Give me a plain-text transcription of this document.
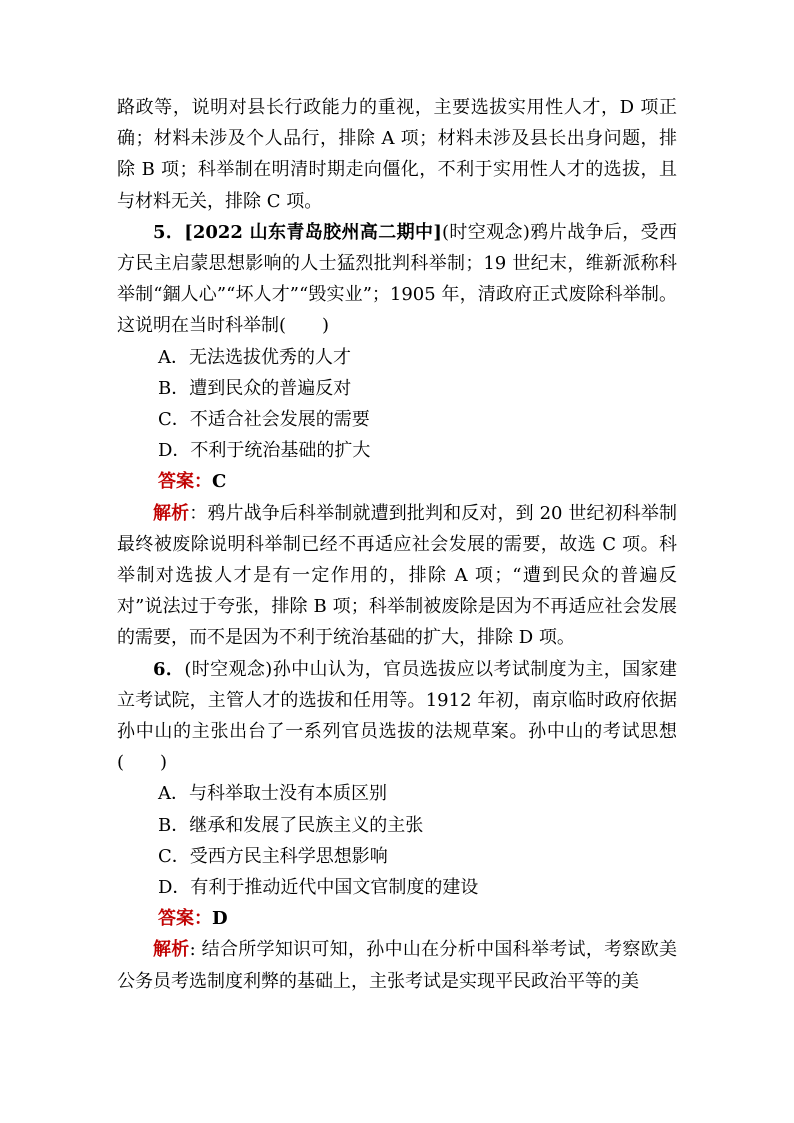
路政等，说明对县长行政能力的重视，主要选拔实用性人才，D 项正确；材料未涉及个人品行，排除 A 项；材料未涉及县长出身问题，排除 B 项；科举制在明清时期走向僵化，不利于实用性人才的选拔，且与材料无关，排除 C 项。

5．[2022 山东青岛胶州高二期中](时空观念)鸦片战争后，受西方民主启蒙思想影响的人士猛烈批判科举制；19 世纪末，维新派称科举制“錮人心”“坏人才”“毁实业”；1905 年，清政府正式废除科举制。这说明在当时科举制(　　)

A．无法选拔优秀的人才

B．遭到民众的普遍反对

C．不适合社会发展的需要

D．不利于统治基础的扩大

答案：C

解析：鸦片战争后科举制就遭到批判和反对，到 20 世纪初科举制最终被废除说明科举制已经不再适应社会发展的需要，故选 C 项。科举制对选拔人才是有一定作用的，排除 A 项；“遭到民众的普遍反对”说法过于夸张，排除 B 项；科举制被废除是因为不再适应社会发展的需要，而不是因为不利于统治基础的扩大，排除 D 项。

6．(时空观念)孙中山认为，官员选拔应以考试制度为主，国家建立考试院，主管人才的选拔和任用等。1912 年初，南京临时政府依据孙中山的主张出台了一系列官员选拔的法规草案。孙中山的考试思想(　　)

A．与科举取士没有本质区别

B．继承和发展了民族主义的主张

C．受西方民主科学思想影响

D．有利于推动近代中国文官制度的建设

答案：D

解析: 结合所学知识可知，孙中山在分析中国科举考试，考察欧美公务员考选制度利弊的基础上，主张考试是实现平民政治平等的美
